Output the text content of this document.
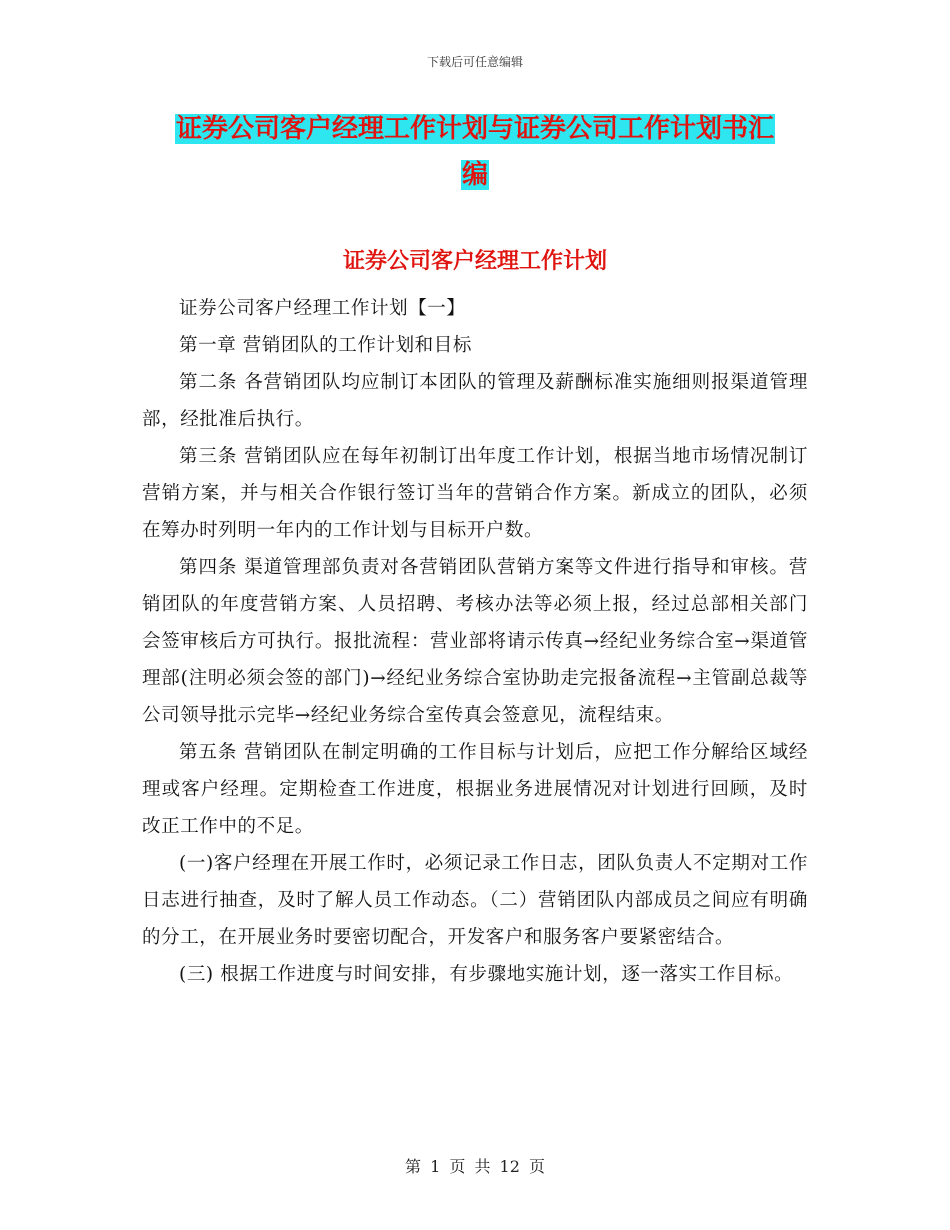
下载后可任意编辑
证券公司客户经理工作计划与证券公司工作计划书汇
编
证券公司客户经理工作计划

证券公司客户经理工作计划【一】

第一章 营销团队的工作计划和目标

第二条 各营销团队均应制订本团队的管理及薪酬标准实施细则报渠道管理部，经批准后执行。

第三条 营销团队应在每年初制订出年度工作计划，根据当地市场情况制订营销方案，并与相关合作银行签订当年的营销合作方案。新成立的团队，必须在筹办时列明一年内的工作计划与目标开户数。

第四条 渠道管理部负责对各营销团队营销方案等文件进行指导和审核。营销团队的年度营销方案、人员招聘、考核办法等必须上报，经过总部相关部门会签审核后方可执行。报批流程：营业部将请示传真→经纪业务综合室→渠道管理部(注明必须会签的部门)→经纪业务综合室协助走完报备流程→主管副总裁等公司领导批示完毕→经纪业务综合室传真会签意见，流程结束。

第五条 营销团队在制定明确的工作目标与计划后，应把工作分解给区域经理或客户经理。定期检查工作进度，根据业务进展情况对计划进行回顾，及时改正工作中的不足。

(一)客户经理在开展工作时，必须记录工作日志，团队负责人不定期对工作日志进行抽查，及时了解人员工作动态。（二）营销团队内部成员之间应有明确的分工，在开展业务时要密切配合，开发客户和服务客户要紧密结合。

(三) 根据工作进度与时间安排，有步骤地实施计划，逐一落实工作目标。

第 1 页 共 12 页
